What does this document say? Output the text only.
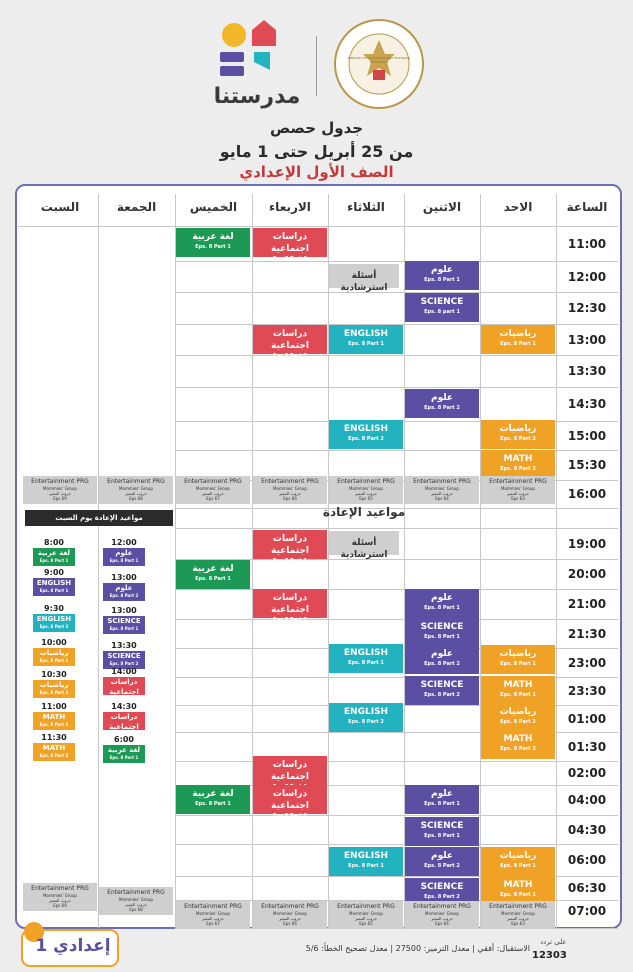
مدرستنا
MINISTRY OF EDUCATION AND TECHNICAL EDUCATION
جدول حصص
من 25 أبريل حتى 1 مايو
الصف الأول الإعدادي
الساعة
الاحد
الاثنين
الثلاثاء
الاربعاء
الخميس
الجمعة
السبت
11:00
12:00
12:30
13:00
13:30
14:30
15:00
15:30
16:00
19:00
20:00
21:00
21:30
23:00
23:30
01:00
01:30
02:00
04:00
04:30
06:00
06:30
07:00
لغة عربية
Eps. 8 Part 1
دراسات اجتماعية
Eps.8 Part 1
علوم
Eps. 8 Part 1
أسئلة استرشادية
SCIENCE
Eps. 8 part 1
دراسات اجتماعية
Eps.8 Part 2
ENGLISH
Eps. 8 Part 1
رياضيات
Eps. 8 Part 1
علوم
Eps. 8 Part 2
ENGLISH
Eps. 8 Part 2
رياضيات
Eps. 8 Part 2
MATH
Eps. 8 Part 2
دراسات اجتماعية
Eps.8 Part 1
أسئلة استرشادية
لغة عربية
Eps. 8 Part 1
دراسات اجتماعية
Eps.8 Part 2
علوم
Eps. 8 Part 1
SCIENCE
Eps. 8 Part 1
ENGLISH
Eps. 8 Part 1
علوم
Eps. 8 Part 2
رياضيات
Eps. 8 Part 1
SCIENCE
Eps. 8 Part 2
MATH
Eps. 8 Part 1
ENGLISH
Eps. 8 Part 2
رياضيات
Eps. 8 Part 2
MATH
Eps. 8 Part 2
دراسات اجتماعية
لغة عربية
Eps. 8 Part 1
دراسات اجتماعية
Eps.8 Part 2
علوم
Eps. 8 Part 1
SCIENCE
Eps. 8 Part 1
ENGLISH
Eps. 8 Part 1
علوم
Eps. 8 Part 2
رياضيات
Eps. 8 Part 1
SCIENCE
Eps. 8 Part 2
MATH
Eps. 8 Part 1
Entertainment PRG
Mommies' Group
جروب المميز
Eps 63
Entertainment PRG
Mommies' Group
جروب المميز
Eps 64
Entertainment PRG
Mommies' Group
جروب المميز
Eps 65
Entertainment PRG
Mommies' Group
جروب المميز
Eps 66
Entertainment PRG
Mommies' Group
جروب المميز
Eps 67
Entertainment PRG
Mommies' Group
جروب المميز
Eps 68
Entertainment PRG
Mommies' Group
جروب المميز
Eps 69
Entertainment PRG
Mommies' Group
جروب المميز
Eps 63
Entertainment PRG
Mommies' Group
جروب المميز
Eps 64
Entertainment PRG
Mommies' Group
جروب المميز
Eps 65
Entertainment PRG
Mommies' Group
جروب المميز
Eps 66
Entertainment PRG
Mommies' Group
جروب المميز
Eps 67
Entertainment PRG
Mommies' Group
جروب المميز
Eps 68
Entertainment PRG
Mommies' Group
جروب المميز
Eps 69
مواعيد الإعادة
مواعيد الإعادة يوم السبت
12:00
علوم
Eps. 8 Part 1
8:00
لغة عربية
Eps. 8 Part 1
9:00
ENGLISH
Eps. 8 Part 1
13:00
علوم
Eps. 8 Part 2
9:30
ENGLISH
Eps. 8 Part 2
13:00
SCIENCE
Eps. 8 Part 1
10:00
رياضيات
Eps. 8 Part 1
13:30
SCIENCE
Eps. 8 Part 2
10:30
رياضيات
Eps. 8 Part 2
14:00
دراسات اجتماعية
Eps. 8 Part 1
11:00
MATH
Eps. 8 Part 1
14:30
دراسات اجتماعية
Eps. 8 Part 2
11:30
MATH
Eps. 8 Part 2
6:00
لغة عربية
Eps. 8 Part 1
إعدادي 1	الاستقبال: أفقي | معدل الترميز: 27500 | معدل تصحيح الخطأ: 5/6
على تردد
12303
